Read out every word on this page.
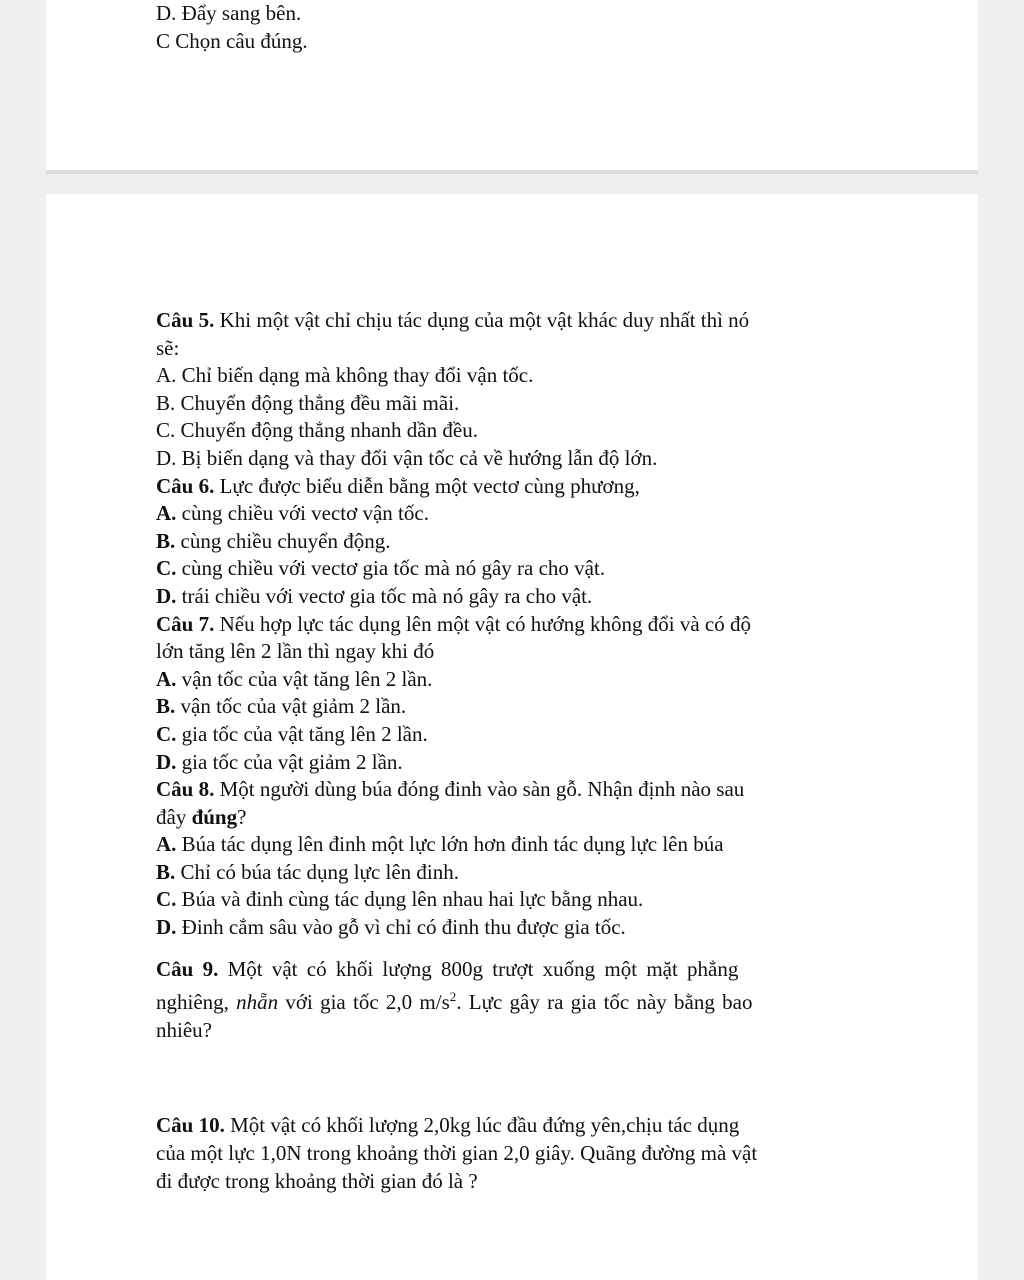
D. Đẩy sang bên.
C Chọn câu đúng.
Câu 5. Khi một vật chỉ chịu tác dụng của một vật khác duy nhất thì nó
sẽ:
A. Chỉ biến dạng mà không thay đổi vận tốc.
B. Chuyển động thẳng đều mãi mãi.
C. Chuyển động thẳng nhanh dần đều.
D. Bị biến dạng và thay đổi vận tốc cả về hướng lẫn độ lớn.
Câu 6. Lực được biểu diễn bằng một vectơ cùng phương,
A. cùng chiều với vectơ vận tốc.
B. cùng chiều chuyển động.
C. cùng chiều với vectơ gia tốc mà nó gây ra cho vật.
D. trái chiều với vectơ gia tốc mà nó gây ra cho vật.
Câu 7. Nếu hợp lực tác dụng lên một vật có hướng không đổi và có độ
lớn tăng lên 2 lần thì ngay khi đó
A. vận tốc của vật tăng lên 2 lần.
B. vận tốc của vật giảm 2 lần.
C. gia tốc của vật tăng lên 2 lần.
D. gia tốc của vật giảm 2 lần.
Câu 8. Một người dùng búa đóng đinh vào sàn gỗ. Nhận định nào sau
đây đúng?
A. Búa tác dụng lên đinh một lực lớn hơn đinh tác dụng lực lên búa
B. Chỉ có búa tác dụng lực lên đinh.
C. Búa và đinh cùng tác dụng lên nhau hai lực bằng nhau.
D. Đinh cắm sâu vào gỗ vì chỉ có đinh thu được gia tốc.
Câu 9. Một vật có khối lượng 800g trượt xuống một mặt phẳng
nghiêng, nhẵn với gia tốc 2,0 $m/s^2$. Lực gây ra gia tốc này bằng bao
nhiêu?
Câu 10. Một vật có khối lượng 2,0kg lúc đầu đứng yên,chịu tác dụng
của một lực 1,0N trong khoảng thời gian 2,0 giây. Quãng đường mà vật
đi được trong khoảng thời gian đó là ?
